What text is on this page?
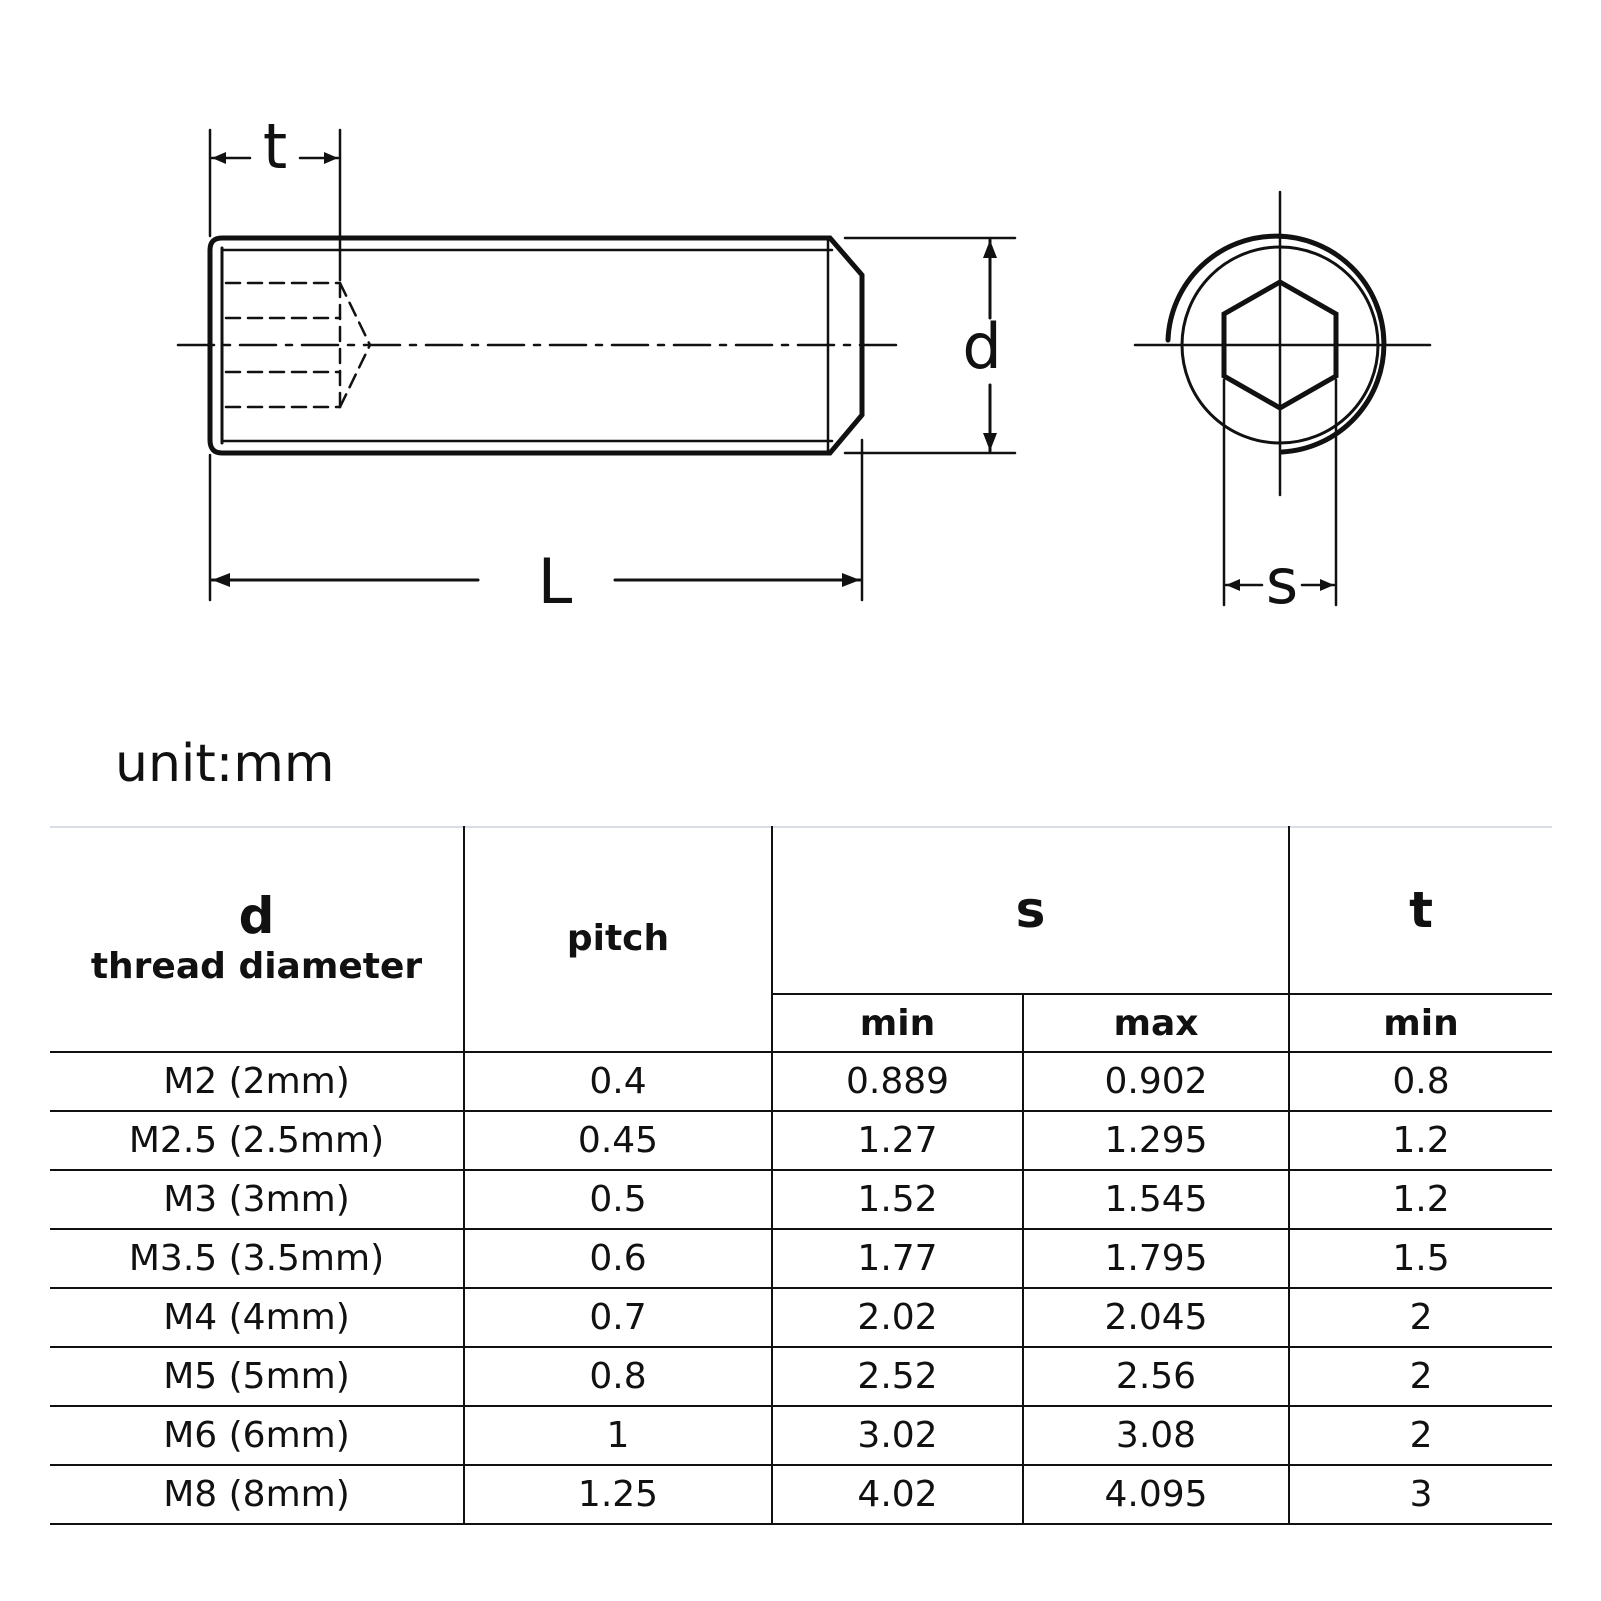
t
L
d
s
unit:mm
d
thread diameter	pitch	s		t

		min	max	min
M2 (2mm)	0.4	0.889	0.902	0.8
M2.5 (2.5mm)	0.45	1.27	1.295	1.2
M3 (3mm)	0.5	1.52	1.545	1.2
M3.5 (3.5mm)	0.6	1.77	1.795	1.5
M4 (4mm)	0.7	2.02	2.045	2
M5 (5mm)	0.8	2.52	2.56	2
M6 (6mm)	1	3.02	3.08	2
M8 (8mm)	1.25	4.02	4.095	3
